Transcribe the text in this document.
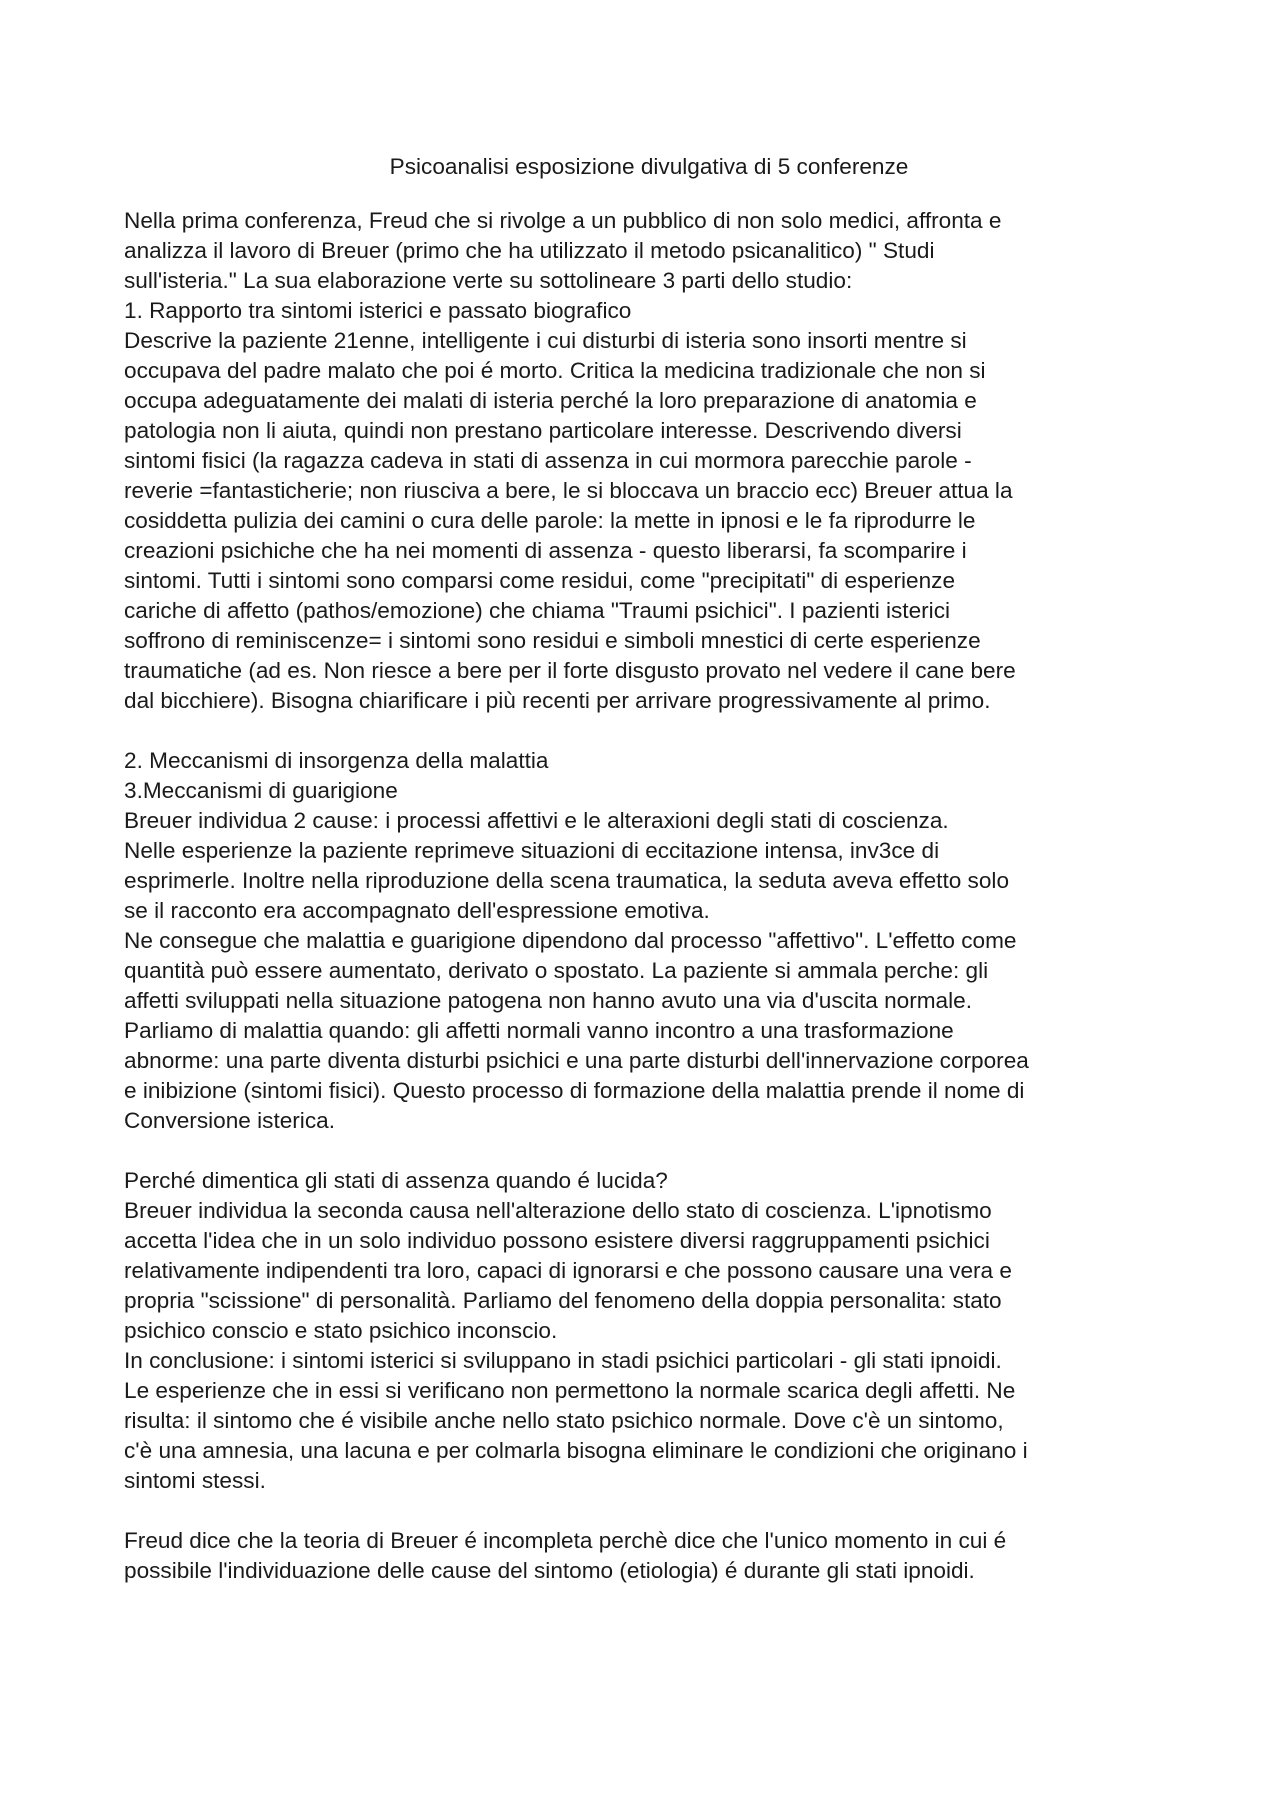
Psicoanalisi esposizione divulgativa di 5 conferenze
Nella prima conferenza, Freud che si rivolge a un pubblico di non solo medici, affronta e
analizza il lavoro di Breuer (primo che ha utilizzato il metodo psicanalitico) " Studi
sull'isteria." La sua elaborazione verte su sottolineare 3 parti dello studio:
1. Rapporto tra sintomi isterici e passato biografico
Descrive la paziente 21enne, intelligente i cui disturbi di isteria sono insorti mentre si
occupava del padre malato che poi é morto. Critica la medicina tradizionale che non si
occupa adeguatamente dei malati di isteria perché la loro preparazione di anatomia e
patologia non li aiuta, quindi non prestano particolare interesse. Descrivendo diversi
sintomi fisici (la ragazza cadeva in stati di assenza in cui mormora parecchie parole -
reverie =fantasticherie; non riusciva a bere, le si bloccava un braccio ecc) Breuer attua la
cosiddetta pulizia dei camini o cura delle parole: la mette in ipnosi e le fa riprodurre le
creazioni psichiche che ha nei momenti di assenza - questo liberarsi, fa scomparire i
sintomi. Tutti i sintomi sono comparsi come residui, come "precipitati" di esperienze
cariche di affetto (pathos/emozione) che chiama "Traumi psichici". I pazienti isterici
soffrono di reminiscenze= i sintomi sono residui e simboli mnestici di certe esperienze
traumatiche (ad es. Non riesce a bere per il forte disgusto provato nel vedere il cane bere
dal bicchiere). Bisogna chiarificare i più recenti per arrivare progressivamente al primo.
2. Meccanismi di insorgenza della malattia
3.Meccanismi di guarigione
Breuer individua 2 cause: i processi affettivi e le alteraxioni degli stati di coscienza.
Nelle esperienze la paziente reprimeve situazioni di eccitazione intensa, inv3ce di
esprimerle. Inoltre nella riproduzione della scena traumatica, la seduta aveva effetto solo
se il racconto era accompagnato dell'espressione emotiva.
Ne consegue che malattia e guarigione dipendono dal processo "affettivo". L'effetto come
quantità può essere aumentato, derivato o spostato. La paziente si ammala perche: gli
affetti sviluppati nella situazione patogena non hanno avuto una via d'uscita normale.
Parliamo di malattia quando: gli affetti normali vanno incontro a una trasformazione
abnorme: una parte diventa disturbi psichici e una parte disturbi dell'innervazione corporea
e inibizione (sintomi fisici). Questo processo di formazione della malattia prende il nome di
Conversione isterica.
Perché dimentica gli stati di assenza quando é lucida?
Breuer individua la seconda causa nell'alterazione dello stato di coscienza. L'ipnotismo
accetta l'idea che in un solo individuo possono esistere diversi raggruppamenti psichici
relativamente indipendenti tra loro, capaci di ignorarsi e che possono causare una vera e
propria "scissione" di personalità. Parliamo del fenomeno della doppia personalita: stato
psichico conscio e stato psichico inconscio.
In conclusione: i sintomi isterici si sviluppano in stadi psichici particolari - gli stati ipnoidi.
Le esperienze che in essi si verificano non permettono la normale scarica degli affetti. Ne
risulta: il sintomo che é visibile anche nello stato psichico normale. Dove c'è un sintomo,
c'è una amnesia, una lacuna e per colmarla bisogna eliminare le condizioni che originano i
sintomi stessi.
Freud dice che la teoria di Breuer é incompleta perchè dice che l'unico momento in cui é
possibile l'individuazione delle cause del sintomo (etiologia) é durante gli stati ipnoidi.
